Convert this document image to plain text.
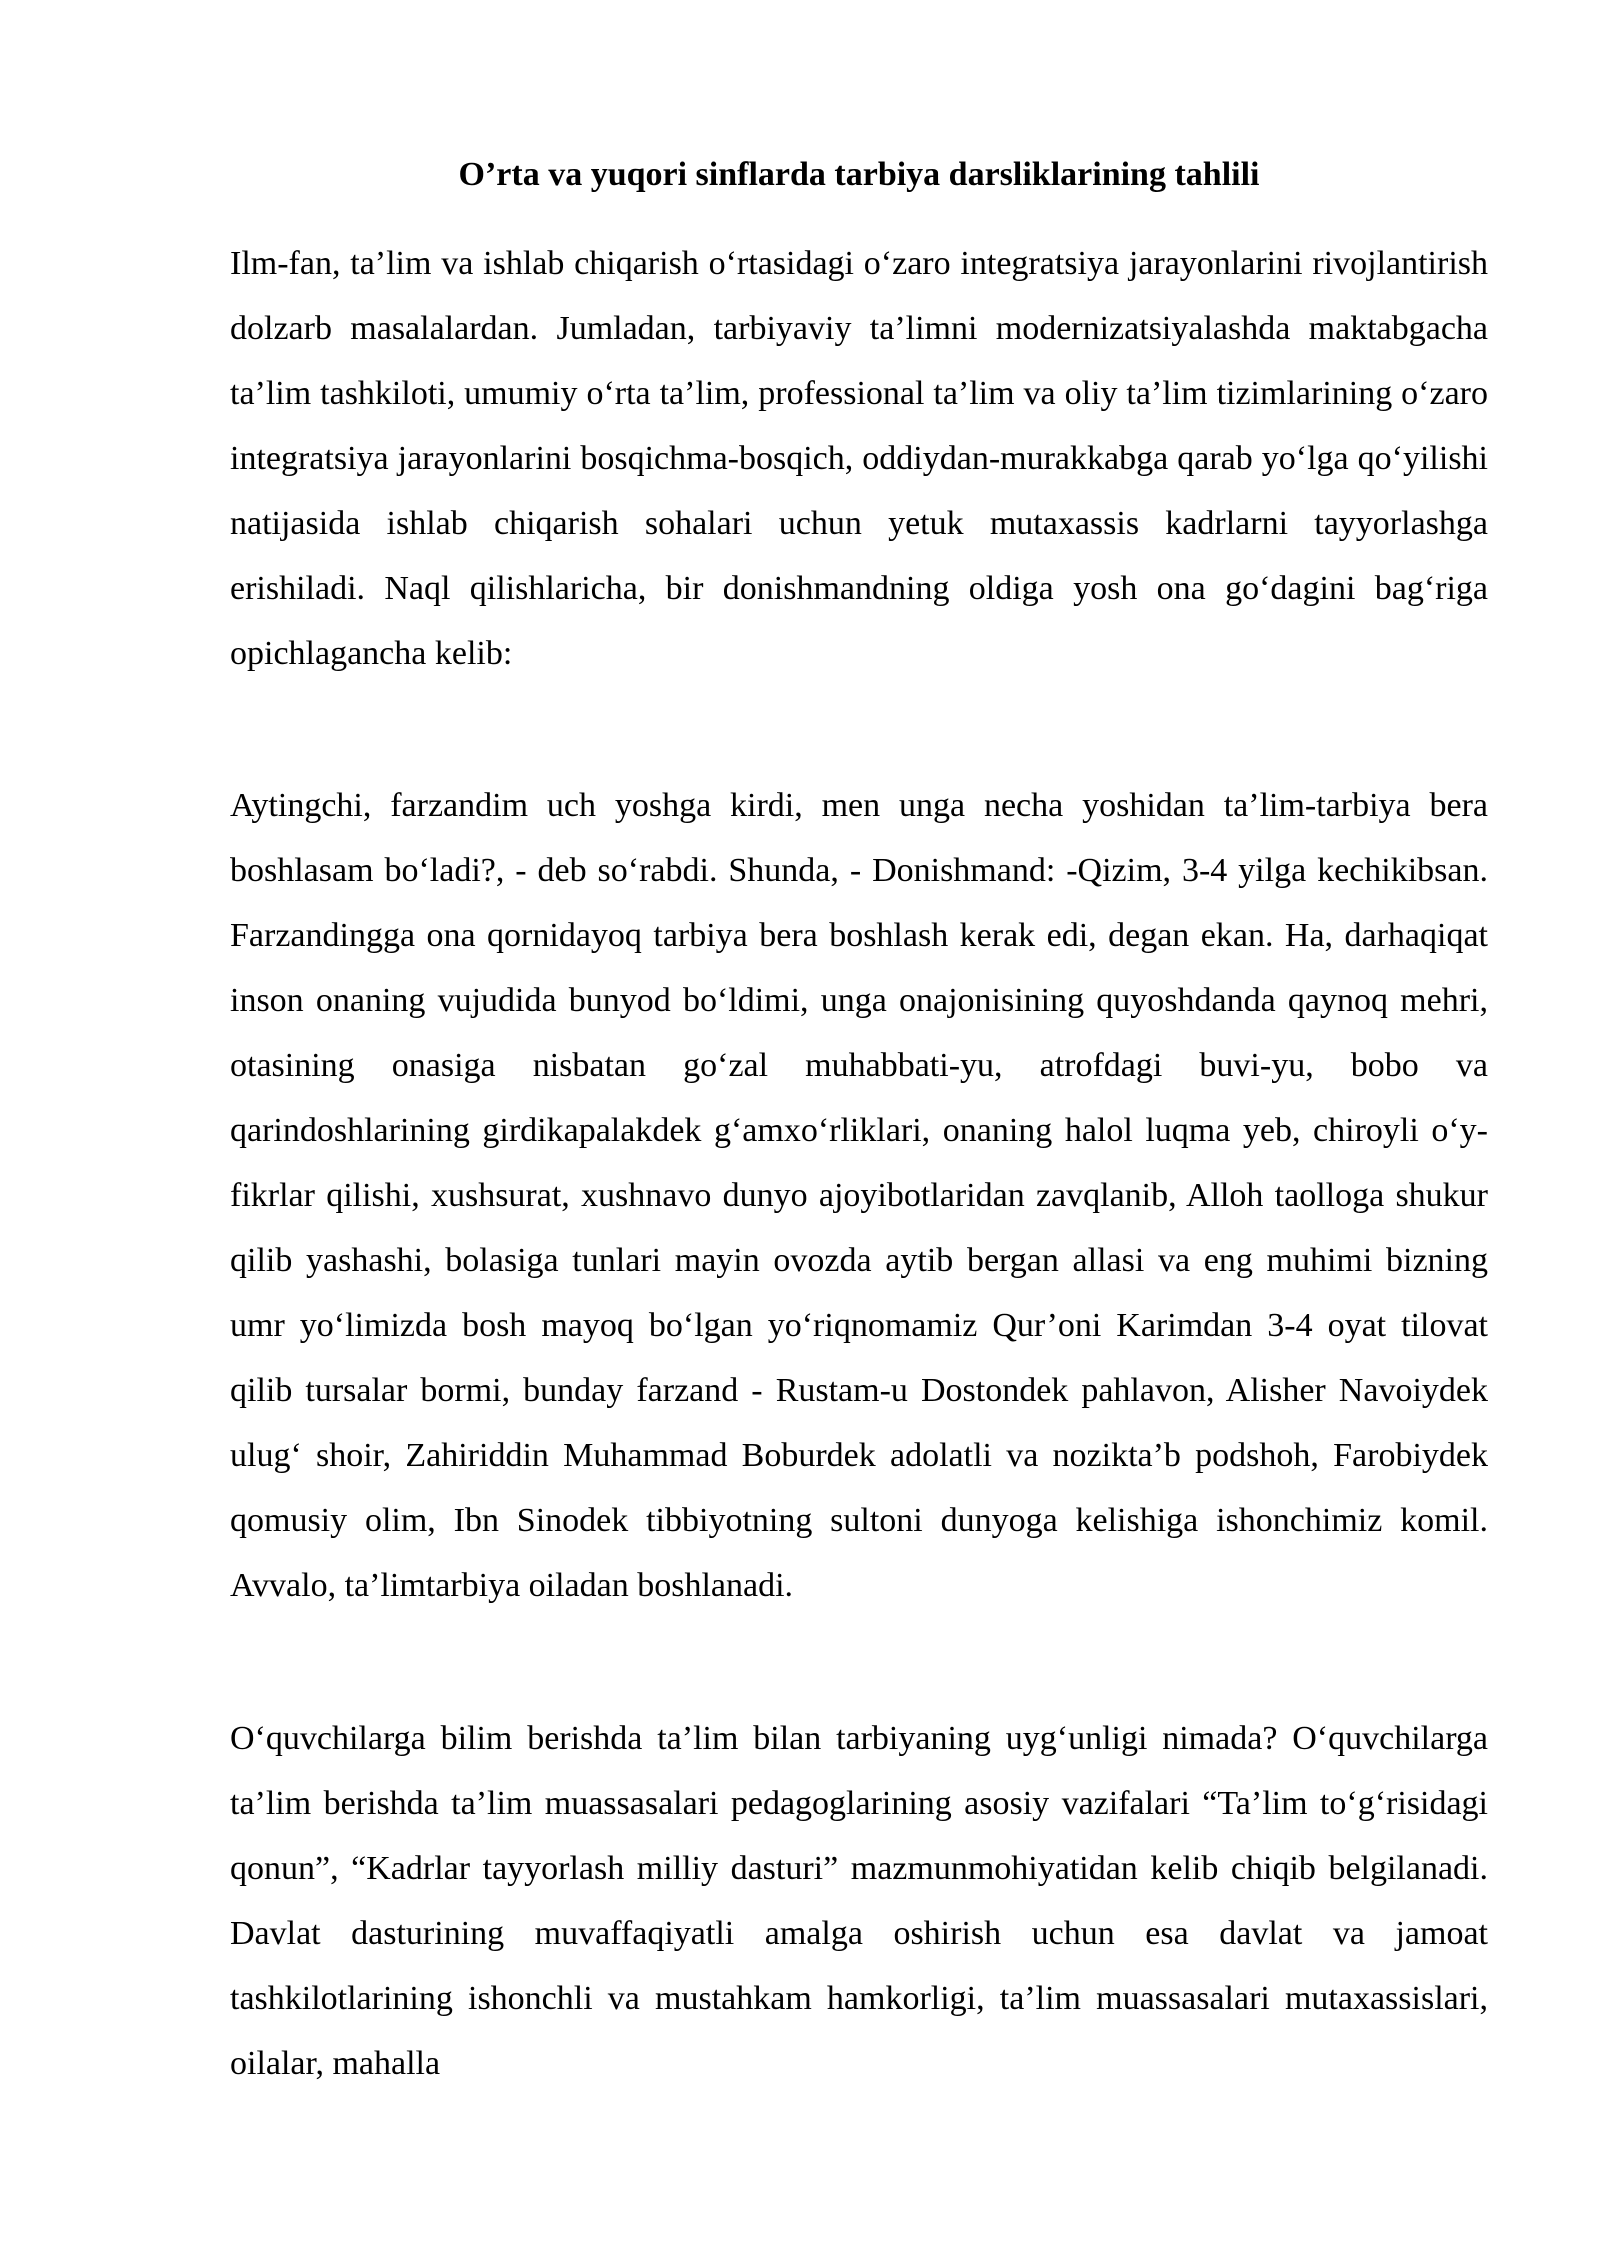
O’rta va yuqori sinflarda tarbiya darsliklarining tahlili

Ilm-fan, ta’lim va ishlab chiqarish o‘rtasidagi o‘zaro integratsiya jarayonlarini rivojlantirish dolzarb masalalardan. Jumladan, tarbiyaviy ta’limni modernizatsiyalashda maktabgacha ta’lim tashkiloti, umumiy o‘rta ta’lim, professional ta’lim va oliy ta’lim tizimlarining o‘zaro integratsiya jarayonlarini bosqichma-bosqich, oddiydan-murakkabga qarab yo‘lga qo‘yilishi natijasida ishlab chiqarish sohalari uchun yetuk mutaxassis kadrlarni tayyorlashga erishiladi. Naql qilishlaricha, bir donishmandning oldiga yosh ona go‘dagini bag‘riga opichlagancha kelib:

Aytingchi, farzandim uch yoshga kirdi, men unga necha yoshidan ta’lim-tarbiya bera boshlasam bo‘ladi?, - deb so‘rabdi. Shunda, - Donishmand: -Qizim, 3-4 yilga kechikibsan. Farzandingga ona qornidayoq tarbiya bera boshlash kerak edi, degan ekan. Ha, darhaqiqat inson onaning vujudida bunyod bo‘ldimi, unga onajonisining quyoshdanda qaynoq mehri, otasining onasiga nisbatan go‘zal muhabbati-yu, atrofdagi buvi-yu, bobo va qarindoshlarining girdikapalakdek g‘amxo‘rliklari, onaning halol luqma yeb, chiroyli o‘y-fikrlar qilishi, xushsurat, xushnavo dunyo ajoyibotlaridan zavqlanib, Alloh taolloga shukur qilib yashashi, bolasiga tunlari mayin ovozda aytib bergan allasi va eng muhimi bizning umr yo‘limizda bosh mayoq bo‘lgan yo‘riqnomamiz Qur’oni Karimdan 3-4 oyat tilovat qilib tursalar bormi, bunday farzand - Rustam-u Dostondek pahlavon, Alisher Navoiydek ulug‘ shoir, Zahiriddin Muhammad Boburdek adolatli va nozikta’b podshoh, Farobiydek qomusiy olim, Ibn Sinodek tibbiyotning sultoni dunyoga kelishiga ishonchimiz komil. Avvalo, ta’limtarbiya oiladan boshlanadi.

O‘quvchilarga bilim berishda ta’lim bilan tarbiyaning uyg‘unligi nimada? O‘quvchilarga ta’lim berishda ta’lim muassasalari pedagoglarining asosiy vazifalari “Ta’lim to‘g‘risidagi qonun”, “Kadrlar tayyorlash milliy dasturi” mazmunmohiyatidan kelib chiqib belgilanadi. Davlat dasturining muvaffaqiyatli amalga oshirish uchun esa davlat va jamoat tashkilotlarining ishonchli va mustahkam hamkorligi, ta’lim muassasalari mutaxassislari, oilalar, mahalla
